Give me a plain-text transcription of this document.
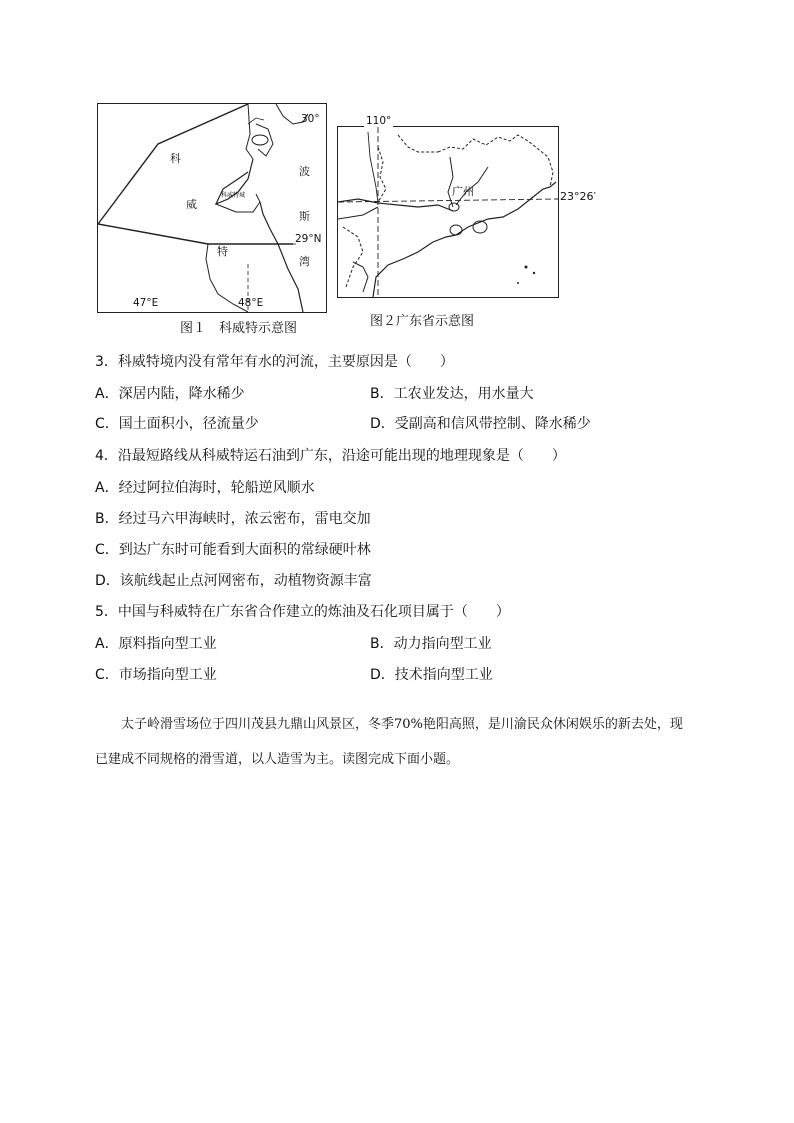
科威特城
30°
29°N
47°E	48°E
科
威
特
波
斯
湾
图１　科威特示意图
110°
23°26′
广州
图２广东省示意图
3．科威特境内没有常年有水的河流，主要原因是（　　）
A．深居内陆，降水稀少	B．工农业发达，用水量大
C．国土面积小，径流量少	D．受副高和信风带控制、降水稀少
4．沿最短路线从科威特运石油到广东，沿途可能出现的地理现象是（　　）
A．经过阿拉伯海时，轮船逆风顺水
B．经过马六甲海峡时，浓云密布，雷电交加
C．到达广东时可能看到大面积的常绿硬叶林
D．该航线起止点河网密布，动植物资源丰富
5．中国与科威特在广东省合作建立的炼油及石化项目属于（　　）
A．原料指向型工业	B．动力指向型工业
C．市场指向型工业	D．技术指向型工业

太子岭滑雪场位于四川茂县九鼎山风景区，冬季70%艳阳高照，是川渝民众休闲娱乐的新去处，现已建成不同规格的滑雪道，以人造雪为主。读图完成下面小题。
